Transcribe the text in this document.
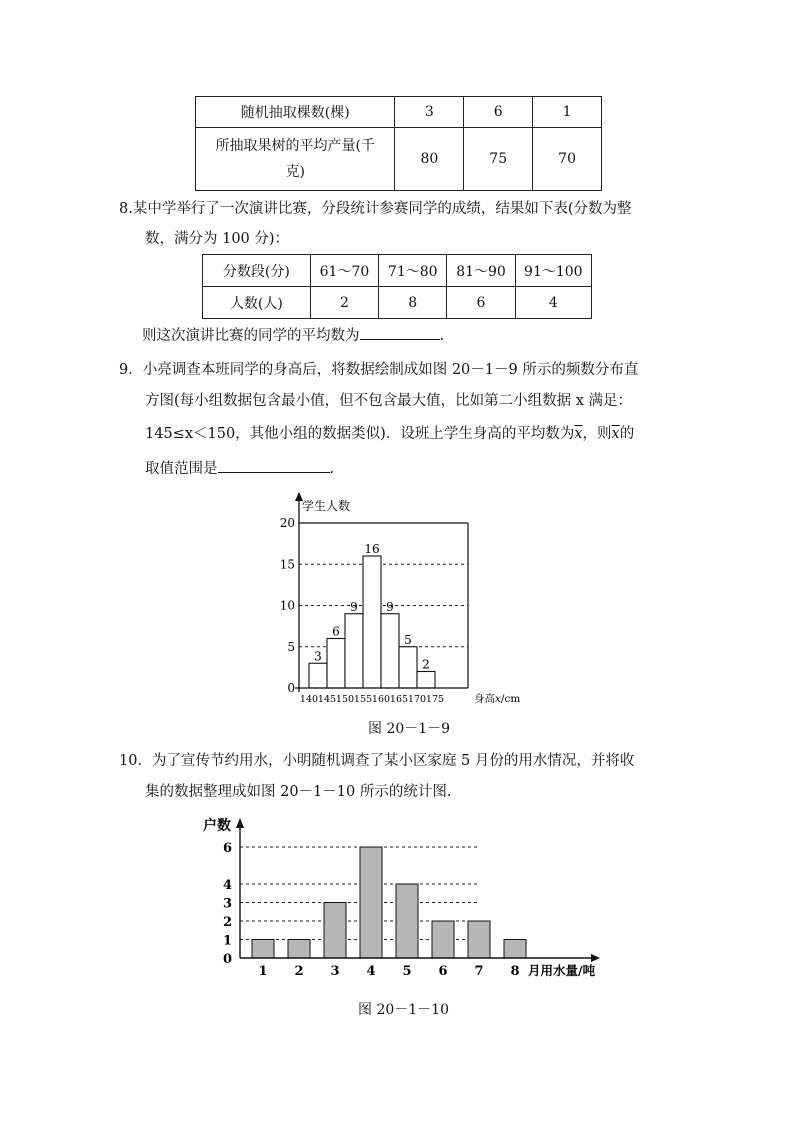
随机抽取棵数(棵)	3	6	1
所抽取果树的平均产量(千
克)	80	75	70
8.某中学举行了一次演讲比赛，分段统计参赛同学的成绩，结果如下表(分数为整
数，满分为 100 分)：
分数段(分)	61～70	71～80	81～90	91～100
人数(人)	2	8	6	4
则这次演讲比赛的同学的平均数为	.
9．小亮调查本班同学的身高后，将数据绘制成如图 20－1－9 所示的频数分布直
方图(每小组数据包含最小值，但不包含最大值，比如第二小组数据 x 满足：
145≤x＜150，其他小组的数据类似)．设班上学生身高的平均数为$\overline{x}$，则$\overline{x}$的
取值范围是	.
3
6
9
16
9
5
2
学生人数
0
5
10
15
20
140 145 150 155 160 165 170 175	身高x/cm
图 20－1－9
10．为了宣传节约用水，小明随机调查了某小区家庭 5 月份的用水情况，并将收
集的数据整理成如图 20－1－10 所示的统计图.
1 2 3 4 5 6 7 8
户数
月用水量/吨
0
1
2
3
4
6
图 20－1－10
